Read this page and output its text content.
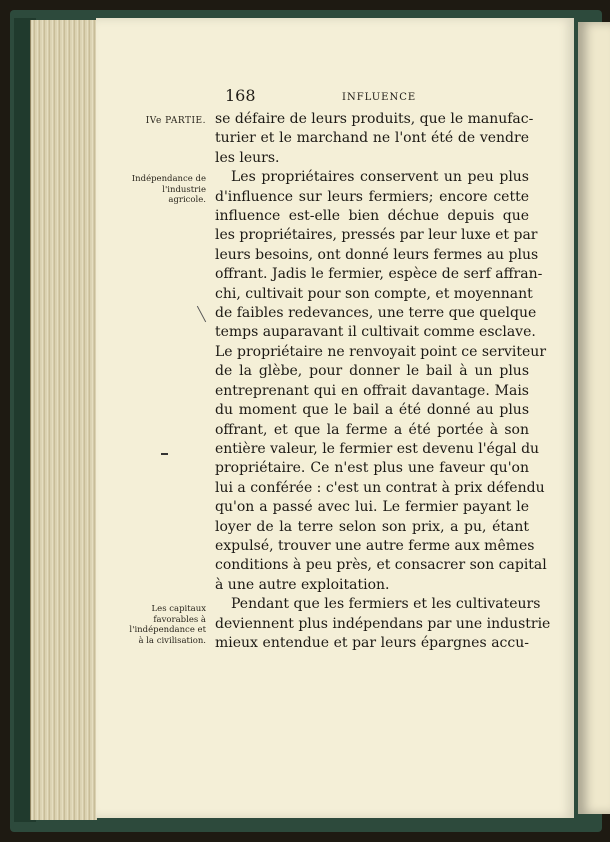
168	INFLUENCE
IVe PARTIE.
Indépendance de l'industrie agricole.
Les capitaux favorables à l'indépendance et à la civilisation.
se défaire de leurs produits, que le manufac-
turier et le marchand ne l'ont été de vendre
les leurs.
Les propriétaires conservent un peu plus
d'influence sur leurs fermiers; encore cette
influence est-elle bien déchue depuis que
les propriétaires, pressés par leur luxe et par
leurs besoins, ont donné leurs fermes au plus
offrant. Jadis le fermier, espèce de serf affran-
chi, cultivait pour son compte, et moyennant
de faibles redevances, une terre que quelque
temps auparavant il cultivait comme esclave.
Le propriétaire ne renvoyait point ce serviteur
de la glèbe, pour donner le bail à un plus
entreprenant qui en offrait davantage. Mais
du moment que le bail a été donné au plus
offrant, et que la ferme a été portée à son
entière valeur, le fermier est devenu l'égal du
propriétaire. Ce n'est plus une faveur qu'on
lui a conférée : c'est un contrat à prix défendu
qu'on a passé avec lui. Le fermier payant le
loyer de la terre selon son prix, a pu, étant
expulsé, trouver une autre ferme aux mêmes
conditions à peu près, et consacrer son capital
à une autre exploitation.
Pendant que les fermiers et les cultivateurs
deviennent plus indépendans par une industrie
mieux entendue et par leurs épargnes accu-
